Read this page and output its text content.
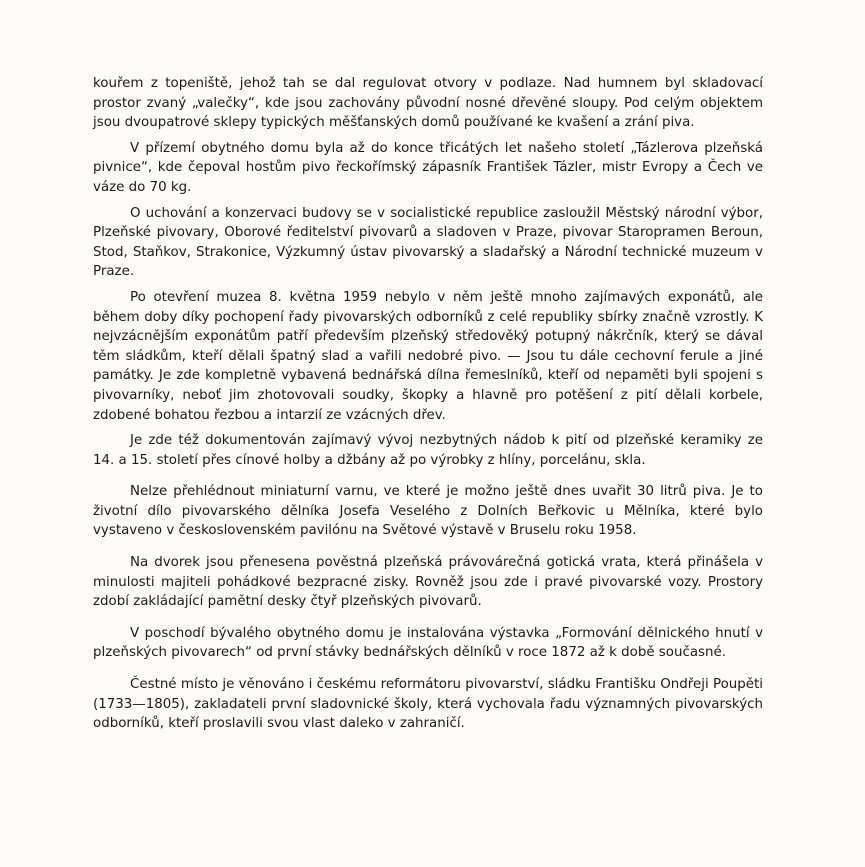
kouřem z topeniště, jehož tah se dal regulovat otvory v podlaze. Nad humnem byl skladovací prostor zvaný „valečky“, kde jsou zachovány původní nosné dřevěné sloupy. Pod celým objektem jsou dvoupatrové sklepy typických měšťanských domů používané ke kvašení a zrání piva.

V přízemí obytného domu byla až do konce třicátých let našeho století „Tázlerova plzeňská pivnice“, kde čepoval hostům pivo řeckořímský zápasník František Tázler, mistr Evropy a Čech ve váze do 70 kg.

O uchování a konzervaci budovy se v socialistické republice zasloužil Městský národní výbor, Plzeňské pivovary, Oborové ředitelství pivovarů a sladoven v Praze, pivovar Staropramen Beroun, Stod, Staňkov, Strakonice, Výzkumný ústav pivovarský a sladařský a Národní technické muzeum v Praze.

Po otevření muzea 8. května 1959 nebylo v něm ještě mnoho zajímavých exponátů, ale během doby díky pochopení řady pivovarských odborníků z celé republiky sbírky značně vzrostly. K nejvzácnějším exponátům patří především plzeňský středověký potupný nákrčník, který se dával těm sládkům, kteří dělali špatný slad a vařili nedobré pivo. — Jsou tu dále cechovní ferule a jiné památky. Je zde kompletně vybavená bednářská dílna řemeslníků, kteří od nepaměti byli spojeni s pivovarníky, neboť jim zhotovovali soudky, škopky a hlavně pro potěšení z pití dělali korbele, zdobené bohatou řezbou a intarzií ze vzácných dřev.

Je zde též dokumentován zajímavý vývoj nezbytných nádob k pití od plzeňské keramiky ze 14. a 15. století přes cínové holby a džbány až po výrobky z hlíny, porcelánu, skla.

Nelze přehlédnout miniaturní varnu, ve které je možno ještě dnes uvařit 30 litrů piva. Je to životní dílo pivovarského dělníka Josefa Veselého z Dolních Beřkovic u Mělníka, které bylo vystaveno v československém pavilónu na Světové výstavě v Bruselu roku 1958.

Na dvorek jsou přenesena pověstná plzeňská právovárečná gotická vrata, která přinášela v minulosti majiteli pohádkové bezpracné zisky. Rovněž jsou zde i pravé pivovarské vozy. Prostory zdobí zakládající pamětní desky čtyř plzeňských pivovarů.

V poschodí bývalého obytného domu je instalována výstavka „Formování dělnického hnutí v plzeňských pivovarech“ od první stávky bednářských dělníků v roce 1872 až k době současné.

Čestné místo je věnováno i českému reformátoru pivovarství, sládku Františku Ondřeji Poupěti (1733—1805), zakladateli první sladovnické školy, která vychovala řadu významných pivovarských odborníků, kteří proslavili svou vlast daleko v zahraničí.
